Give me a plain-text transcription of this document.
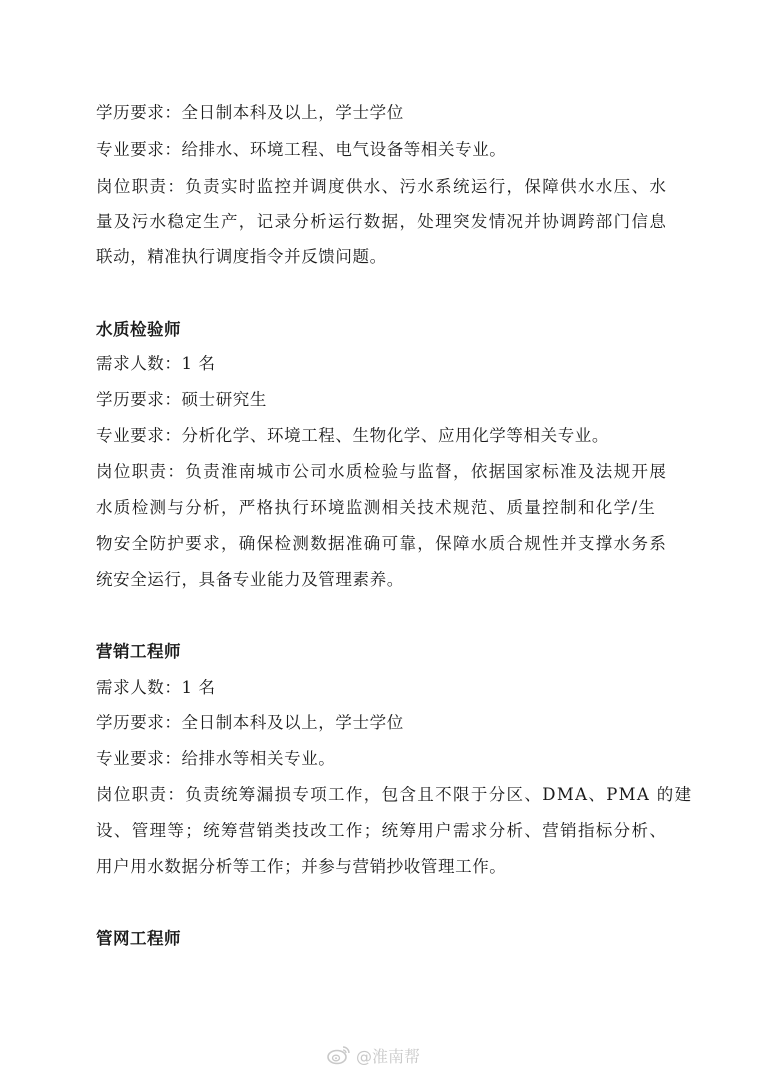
学历要求：全日制本科及以上，学士学位
专业要求：给排水、环境工程、电气设备等相关专业。
岗位职责：负责实时监控并调度供水、污水系统运行，保障供水水压、水
量及污水稳定生产，记录分析运行数据，处理突发情况并协调跨部门信息
联动，精准执行调度指令并反馈问题。
水质检验师
需求人数：1 名
学历要求：硕士研究生
专业要求：分析化学、环境工程、生物化学、应用化学等相关专业。
岗位职责：负责淮南城市公司水质检验与监督，依据国家标准及法规开展
水质检测与分析，严格执行环境监测相关技术规范、质量控制和化学/生
物安全防护要求，确保检测数据准确可靠，保障水质合规性并支撑水务系
统安全运行，具备专业能力及管理素养。
营销工程师
需求人数：1 名
学历要求：全日制本科及以上，学士学位
专业要求：给排水等相关专业。
岗位职责：负责统筹漏损专项工作，包含且不限于分区、DMA、PMA 的建
设、管理等；统筹营销类技改工作；统筹用户需求分析、营销指标分析、
用户用水数据分析等工作；并参与营销抄收管理工作。
管网工程师
@淮南帮
